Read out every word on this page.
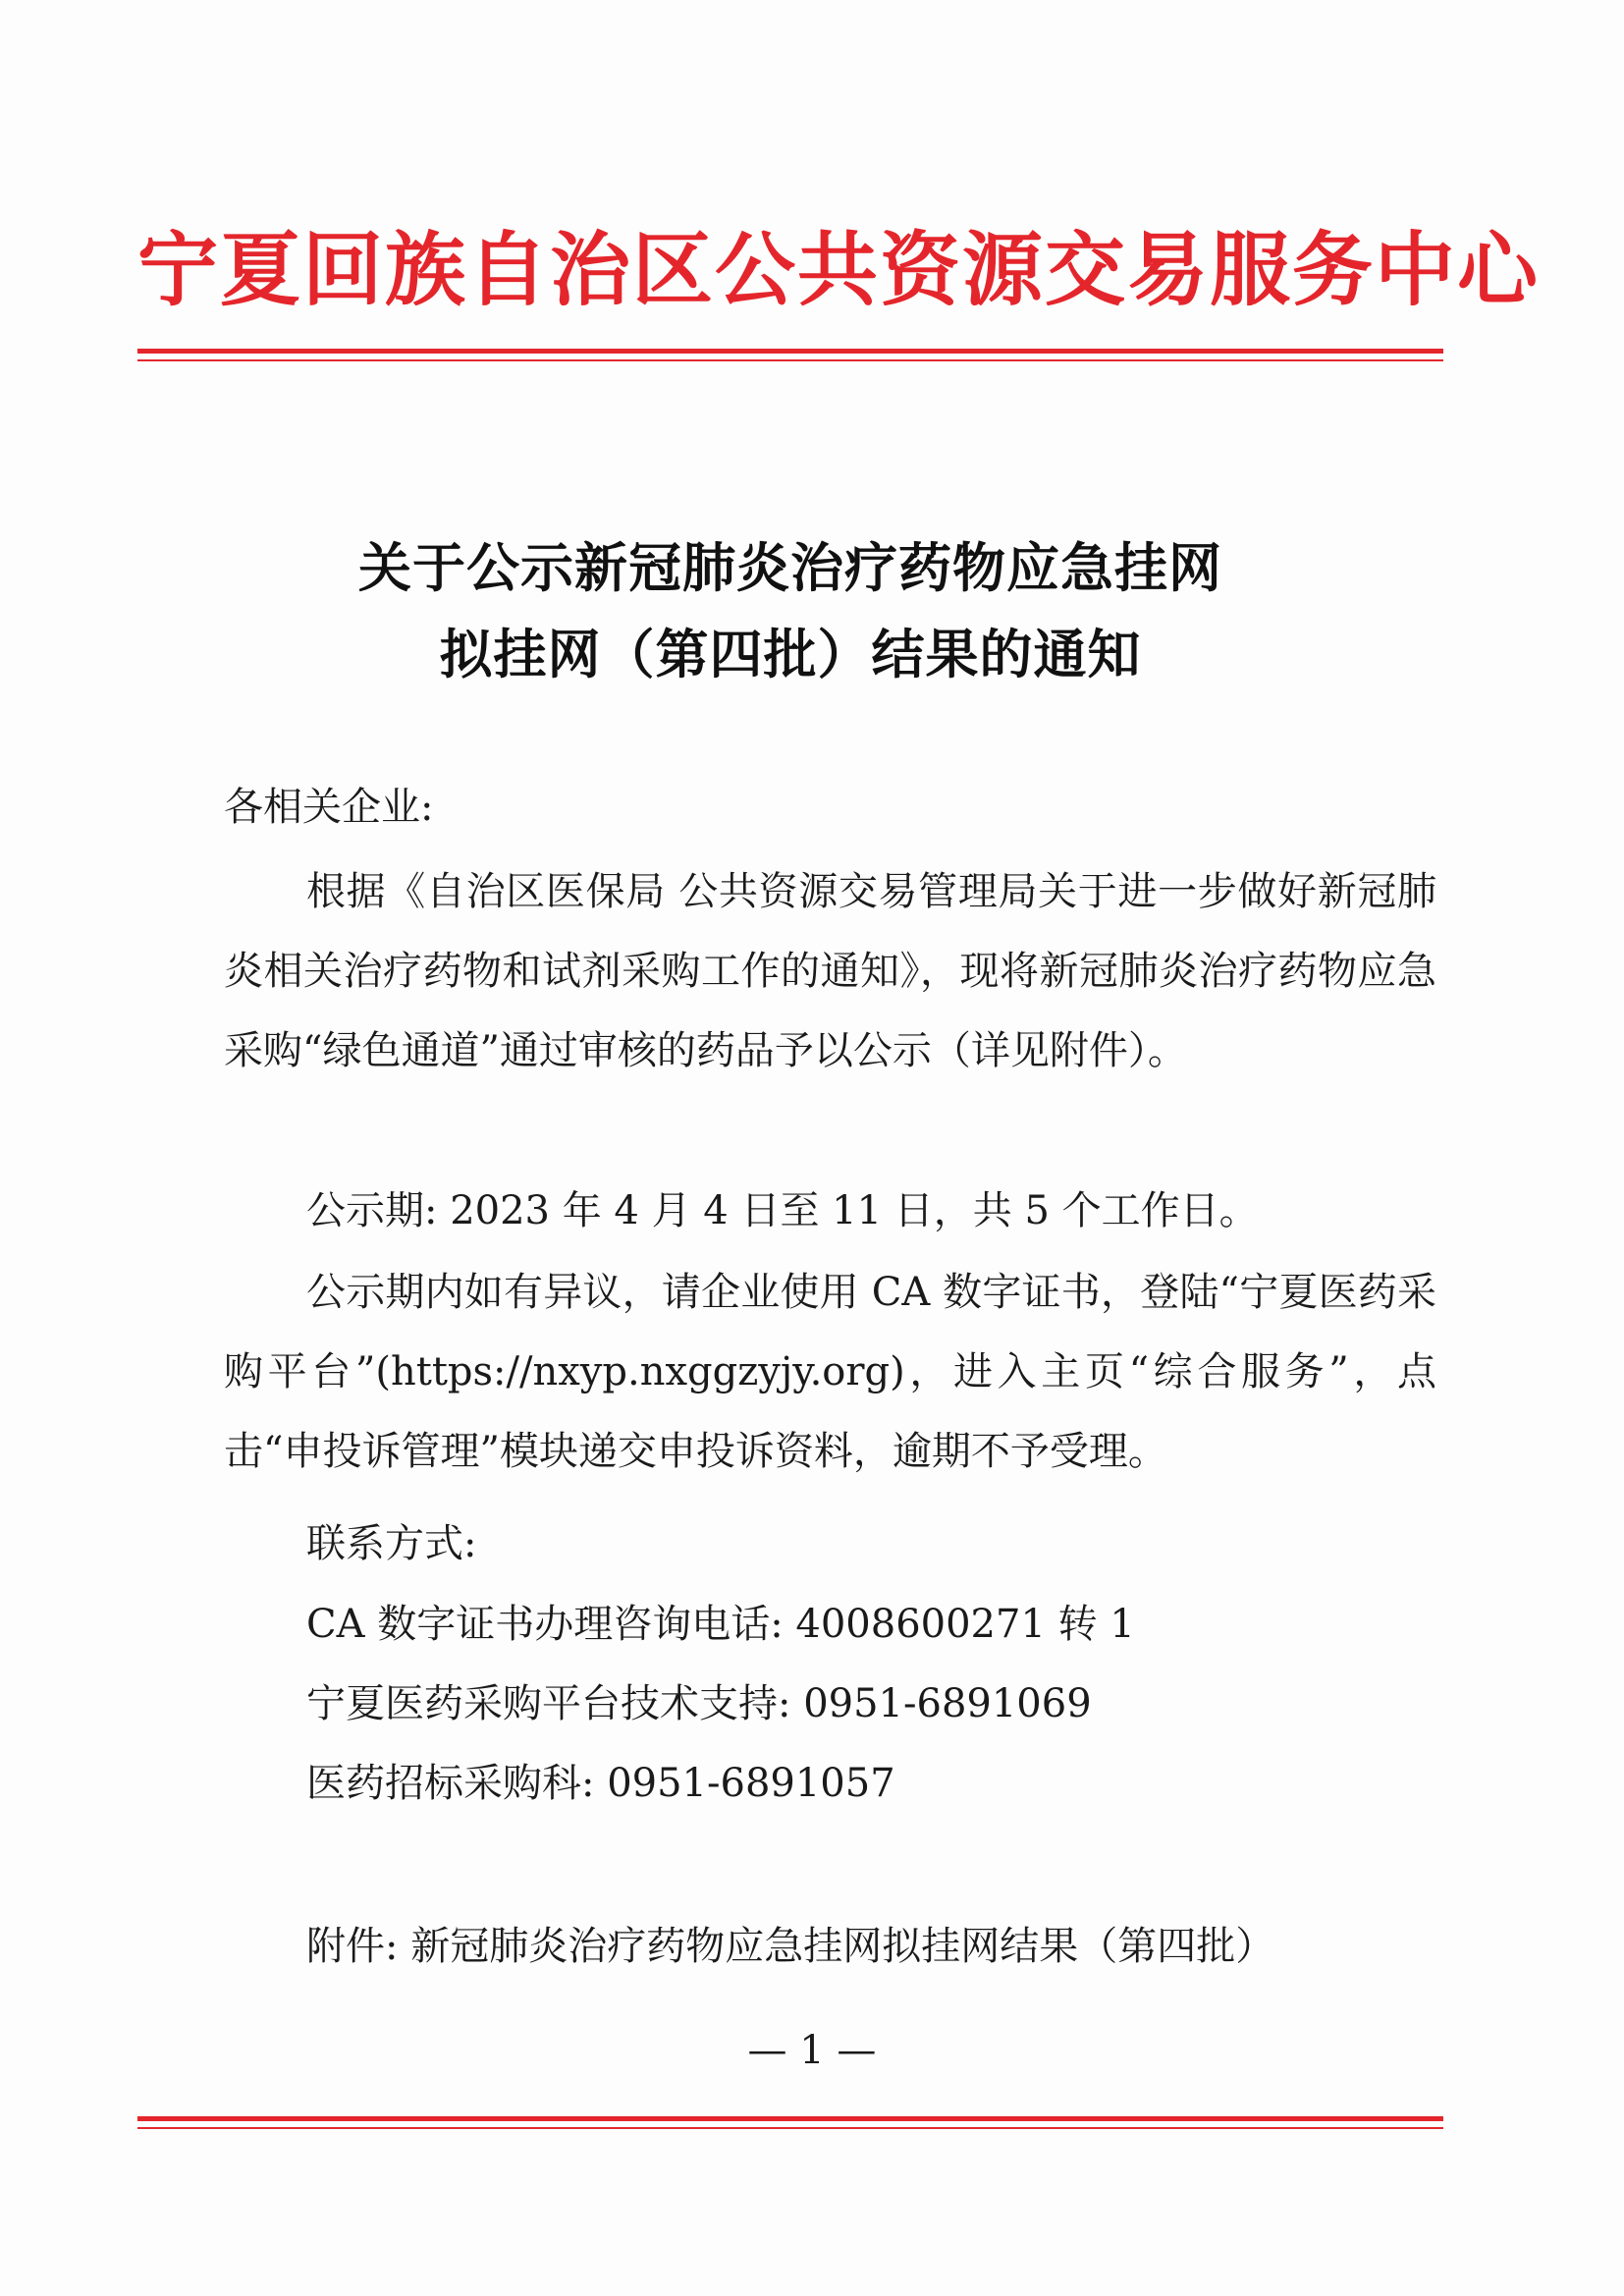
宁夏回族自治区公共资源交易服务中心
关于公示新冠肺炎治疗药物应急挂网
拟挂网（第四批）结果的通知
各相关企业:
根据《自治区医保局 公共资源交易管理局关于进一步做好新冠肺炎相关治疗药物和试剂采购工作的通知》，现将新冠肺炎治疗药物应急采购“绿色通道”通过审核的药品予以公示（详见附件）。
公示期: 2023 年 4 月 4 日至 11 日，共 5 个工作日。
公示期内如有异议，请企业使用 CA 数字证书，登陆“宁夏医药采购平台”(https://nxyp.nxggzyjy.org)，进入主页“综合服务”，点击“申投诉管理”模块递交申投诉资料，逾期不予受理。
联系方式:
CA 数字证书办理咨询电话: 4008600271 转 1
宁夏医药采购平台技术支持: 0951-6891069
医药招标采购科: 0951-6891057
附件: 新冠肺炎治疗药物应急挂网拟挂网结果（第四批）
— 1 —
